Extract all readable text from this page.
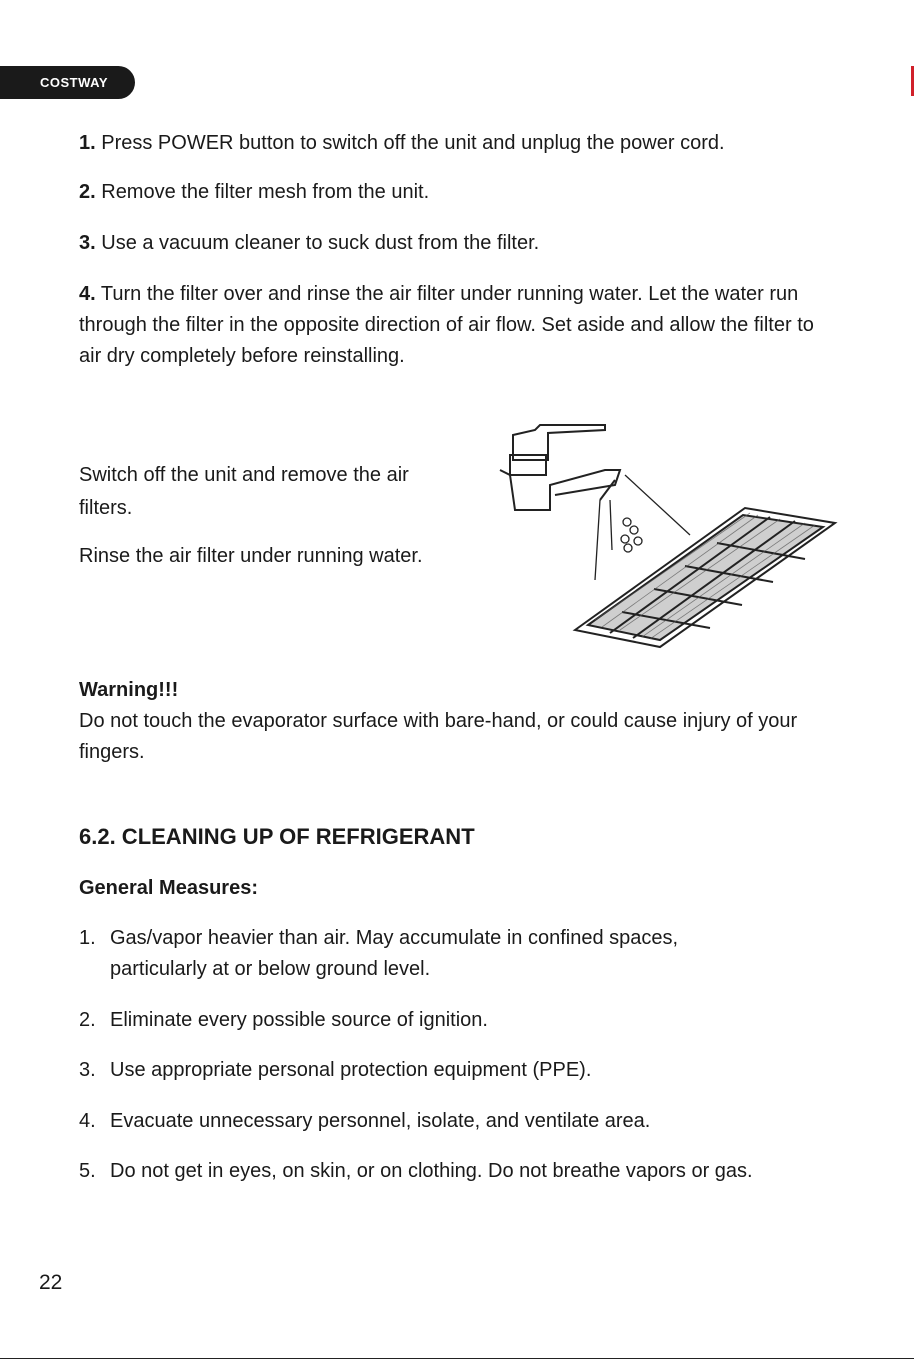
COSTWAY

1. Press POWER button to switch off the unit and unplug the power cord.

2. Remove the filter mesh from the unit.

3. Use a vacuum cleaner to suck dust from the filter.

4. Turn the filter over and rinse the air filter under running water. Let the water run through the filter in the opposite direction of air flow. Set aside and allow the filter to air dry completely before reinstalling.

Switch off the unit and remove the air filters.

Rinse the air filter under running water.

Warning!!!

Do not touch the evaporator surface with bare-hand, or could cause injury of your fingers.

6.2. CLEANING UP OF REFRIGERANT
General Measures:

1. Gas/vapor heavier than air. May accumulate in confined spaces,

particularly at or below ground level.

2. Eliminate every possible source of ignition.

3. Use appropriate personal protection equipment (PPE).

4. Evacuate unnecessary personnel, isolate, and ventilate area.

5. Do not get in eyes, on skin, or on clothing. Do not breathe vapors or gas.

22
